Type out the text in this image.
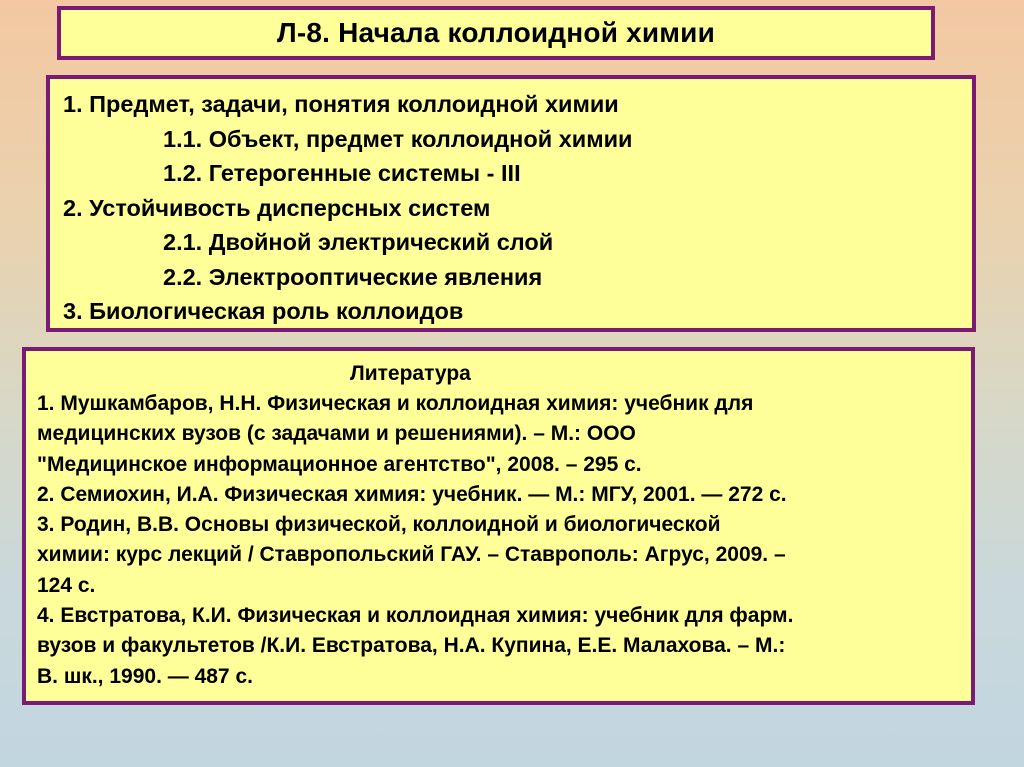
Л-8. Начала коллоидной химии
1. Предмет, задачи, понятия коллоидной химии
1.1. Объект, предмет коллоидной химии
1.2. Гетерогенные системы - III
2. Устойчивость дисперсных систем
2.1. Двойной электрический слой
2.2. Электрооптические явления
3. Биологическая роль коллоидов
Литература
1. Мушкамбаров, Н.Н. Физическая и коллоидная химия: учебник для
медицинских вузов (с задачами и решениями). – М.: ООО
"Медицинское информационное агентство", 2008. – 295 с.
2. Семиохин, И.А. Физическая химия: учебник. — М.: МГУ, 2001. — 272 с.
3. Родин, В.В. Основы физической, коллоидной и биологической
химии: курс лекций / Ставропольский ГАУ. – Ставрополь: Агрус, 2009. –
124 с.
4. Евстратова, К.И. Физическая и коллоидная химия: учебник для фарм.
вузов и факультетов /К.И. Евстратова, Н.А. Купина, Е.Е. Малахова. – М.:
В. шк., 1990. — 487 с.
